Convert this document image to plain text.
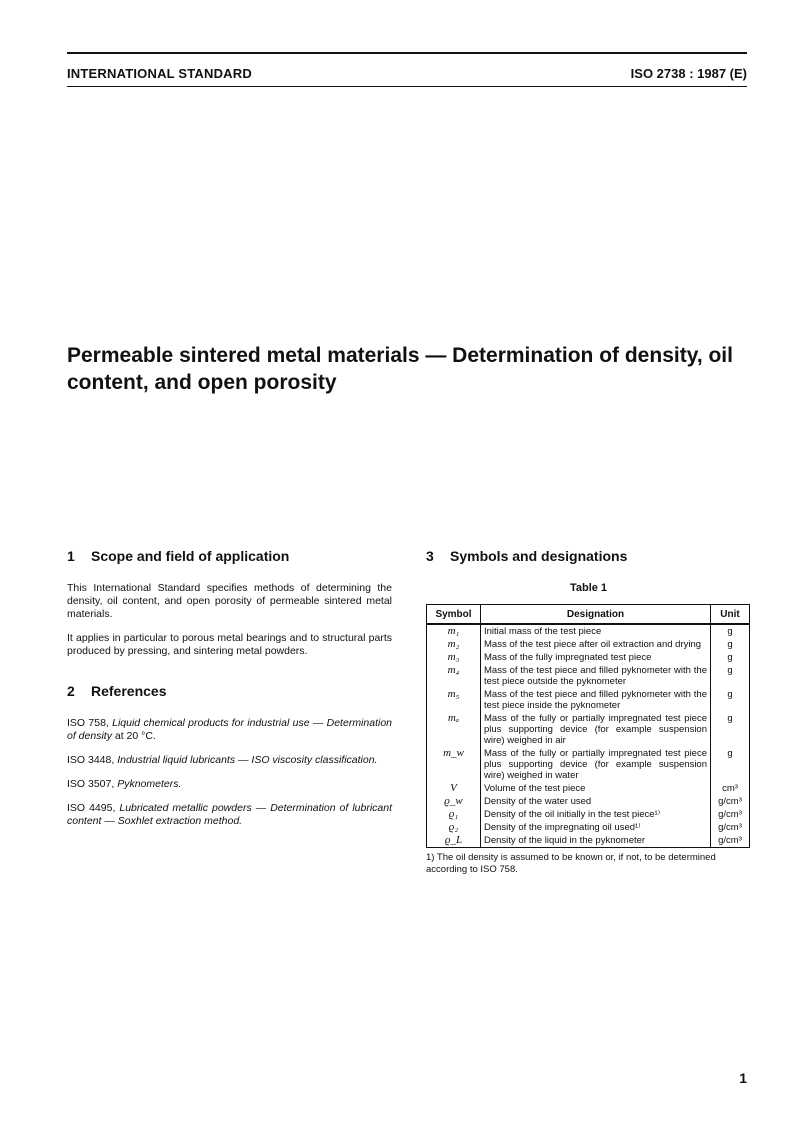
INTERNATIONAL STANDARD	ISO 2738 : 1987 (E)
Permeable sintered metal materials — Determination of density, oil content, and open porosity
1 Scope and field of application

This International Standard specifies methods of determining the density, oil content, and open porosity of permeable sintered metal materials.

It applies in particular to porous metal bearings and to structural parts produced by pressing, and sintering metal powders.

2 References

ISO 758, Liquid chemical products for industrial use — Determination of density at 20 °C.

ISO 3448, Industrial liquid lubricants — ISO viscosity classification.

ISO 3507, Pyknometers.

ISO 4495, Lubricated metallic powders — Determination of lubricant content — Soxhlet extraction method.

3 Symbols and designations
Table 1
Symbol	Designation	Unit
m₁	Initial mass of the test piece	g
m₂	Mass of the test piece after oil extraction and drying	g
m₃	Mass of the fully impregnated test piece	g
m₄	Mass of the test piece and filled pyknometer with the test piece outside the pyknometer	g
m₅	Mass of the test piece and filled pyknometer with the test piece inside the pyknometer	g
mₐ	Mass of the fully or partially impregnated test piece plus supporting device (for example suspension wire) weighed in air	g
m_w	Mass of the fully or partially impregnated test piece plus supporting device (for example suspension wire) weighed in water	g
V	Volume of the test piece	cm³
ϱ_w	Density of the water used	g/cm³
ϱ₁	Density of the oil initially in the test piece¹⁾	g/cm³
ϱ₂	Density of the impregnating oil used¹⁾	g/cm³
ϱ_L	Density of the liquid in the pyknometer	g/cm³
1) The oil density is assumed to be known or, if not, to be determined according to ISO 758.
1
